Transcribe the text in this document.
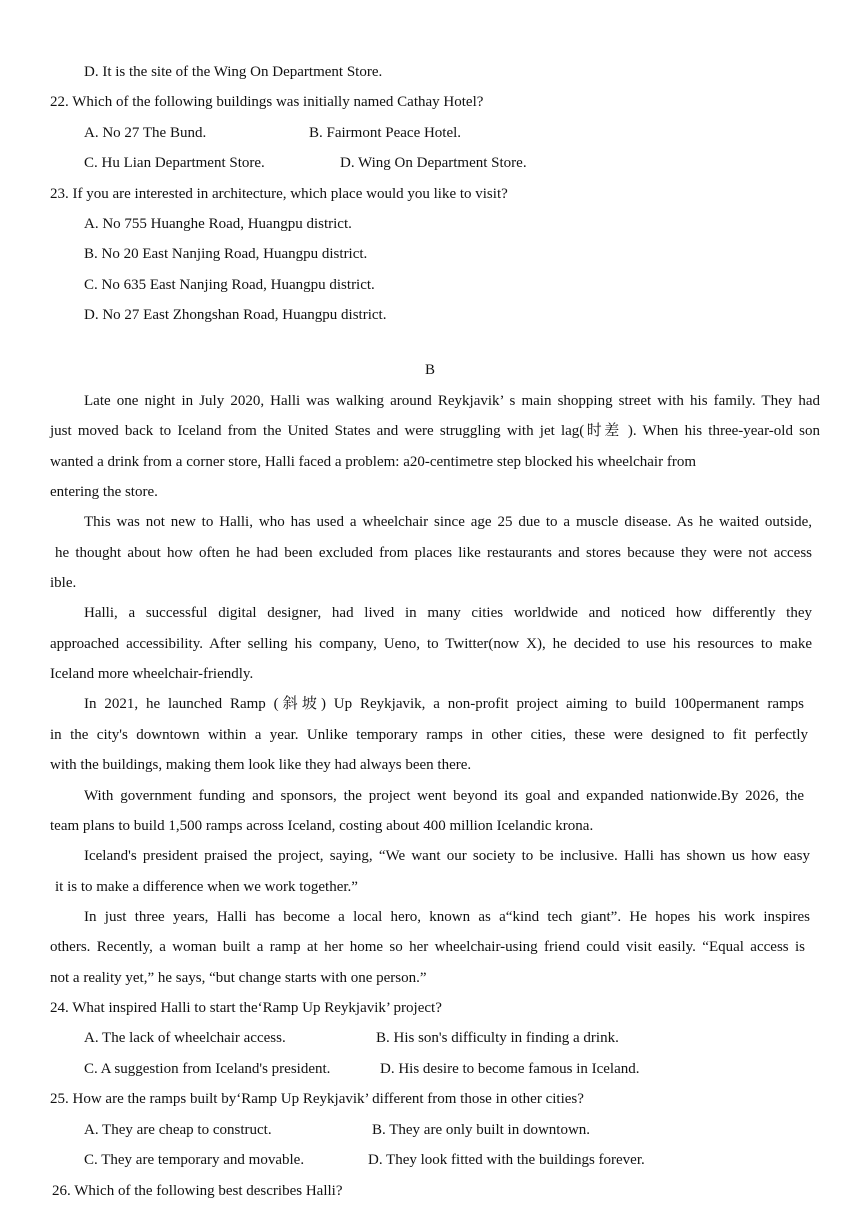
D. It is the site of the Wing On Department Store.
22. Which of the following buildings was initially named Cathay Hotel?
A. No 27 The Bund.	B. Fairmont Peace Hotel.
C. Hu Lian Department Store.	D. Wing On Department Store.
23. If you are interested in architecture, which place would you like to visit?
A. No 755 Huanghe Road, Huangpu district.
B. No 20 East Nanjing Road, Huangpu district.
C. No 635 East Nanjing Road, Huangpu district.
D. No 27 East Zhongshan Road, Huangpu district.
B
Late one night in July 2020, Halli was walking around Reykjavik’ s main shopping street with his family. They had
just moved back to Iceland from the United States and were struggling with jet lag(时差 ). When his three-year-old son
wanted a drink from a corner store, Halli faced a problem: a20-centimetre step blocked his wheelchair from
entering the store.
This was not new to Halli, who has used a wheelchair since age 25 due to a muscle disease. As he waited outside,
he thought about how often he had been excluded from places like restaurants and stores because they were not access
ible.
Halli, a successful digital designer, had lived in many cities worldwide and noticed how differently they
approached accessibility. After selling his company, Ueno, to Twitter(now X), he decided to use his resources to make
Iceland more wheelchair-friendly.
In 2021, he launched Ramp (斜坡) Up Reykjavik, a non-profit project aiming to build 100permanent ramps
in the city's downtown within a year. Unlike temporary ramps in other cities, these were designed to fit perfectly
with the buildings, making them look like they had always been there.
With government funding and sponsors, the project went beyond its goal and expanded nationwide.By 2026, the
team plans to build 1,500 ramps across Iceland, costing about 400 million Icelandic krona.
Iceland's president praised the project, saying, “We want our society to be inclusive. Halli has shown us how easy
it is to make a difference when we work together.”
In just three years, Halli has become a local hero, known as a“kind tech giant”. He hopes his work inspires
others. Recently, a woman built a ramp at her home so her wheelchair-using friend could visit easily. “Equal access is
not a reality yet,” he says, “but change starts with one person.”
24. What inspired Halli to start the‘Ramp Up Reykjavik’ project?
A. The lack of wheelchair access.	B. His son's difficulty in finding a drink.
C. A suggestion from Iceland's president.	D. His desire to become famous in Iceland.
25. How are the ramps built by‘Ramp Up Reykjavik’ different from those in other cities?
A. They are cheap to construct.	B. They are only built in downtown.
C. They are temporary and movable.	D. They look fitted with the buildings forever.
26. Which of the following best describes Halli?
